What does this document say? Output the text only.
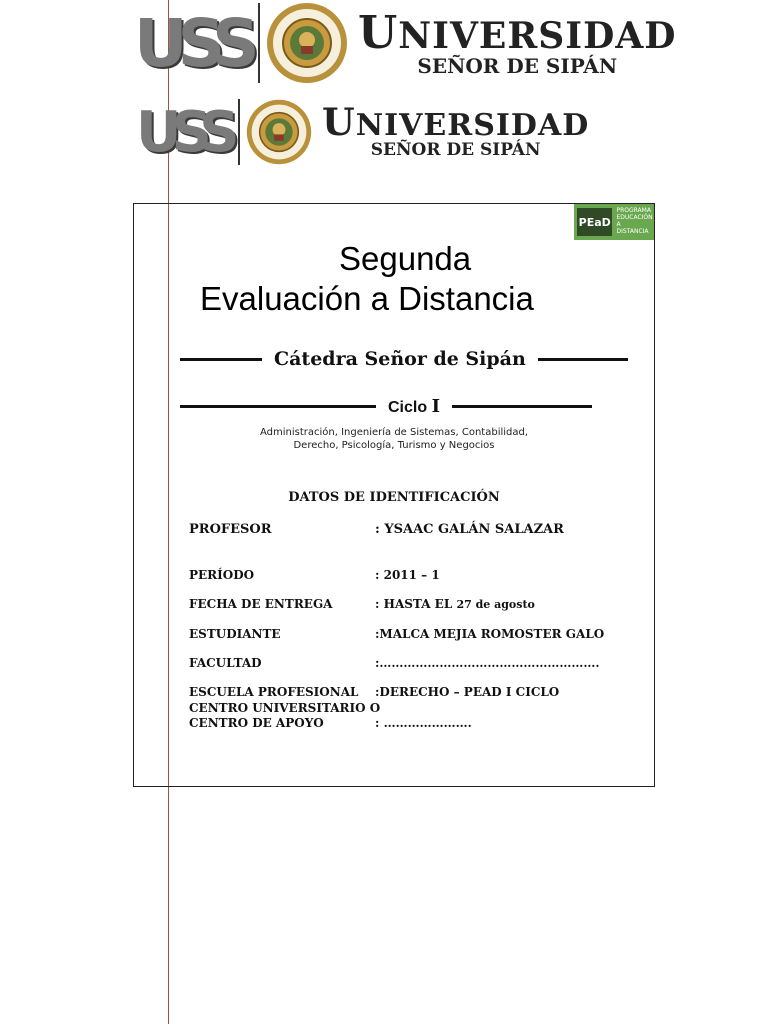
USS UNIVERSIDAD
SEÑOR DE SIPÁN
USS UNIVERSIDAD
SEÑOR DE SIPÁN
PEaD
PROGRAMA
EDUCACIÓN
A DISTANCIA
Segunda
Evaluación a Distancia
Cátedra Señor de Sipán
Ciclo I
Administración, Ingeniería de Sistemas, Contabilidad,
Derecho, Psicología, Turismo y Negocios
DATOS DE IDENTIFICACIÓN
PROFESOR	: YSAAC GALÁN SALAZAR
PERÍODO	: 2011 – 1
FECHA DE ENTREGA	: HASTA EL 27 de agosto
ESTUDIANTE	:MALCA MEJIA ROMOSTER GALO
FACULTAD	:……………………………………………….
ESCUELA PROFESIONAL :DERECHO – PEAD I CICLO
CENTRO UNIVERSITARIO O
CENTRO DE APOYO	: ………………….
